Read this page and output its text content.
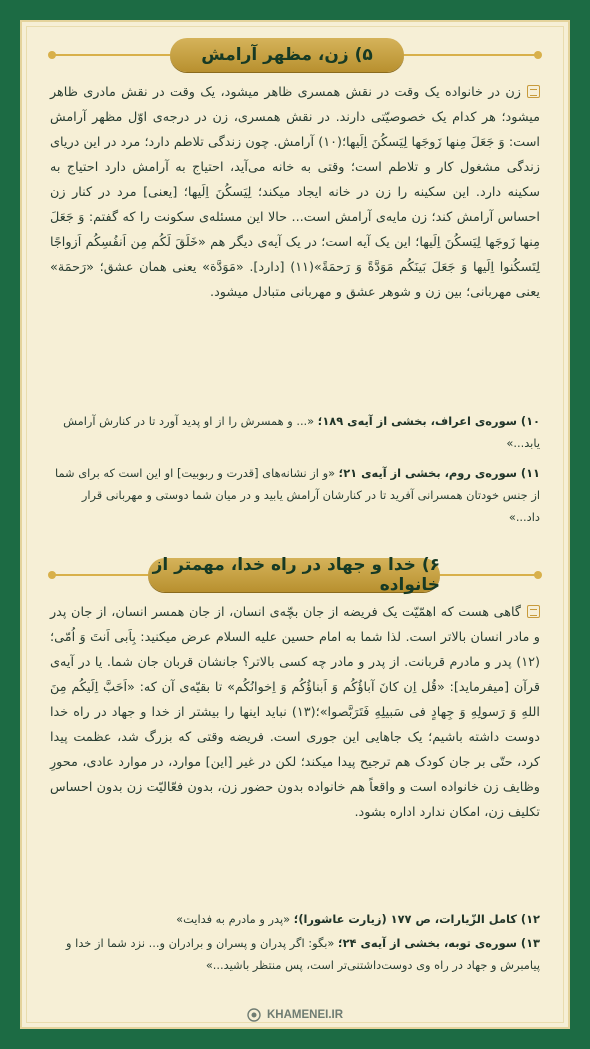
۵) زن، مظهر آرامش
زن در خانواده یک وقت در نقش همسری ظاهر میشود، یک وقت در نقش مادری ظاهر میشود؛ هر کدام یک خصوصیّتی دارند. در نقش همسری، زن در درجه‌ی اوّل مظهر آرامش است: وَ جَعَلَ مِنها زَوجَها لِیَسکُنَ اِلَیها؛(۱۰) آرامش. چون زندگی تلاطم دارد؛ مرد در این دریای زندگی مشغول کار و تلاطم است؛ وقتی به خانه می‌آید، احتیاج به آرامش دارد احتیاج به سکینه دارد. این سکینه را زن در خانه ایجاد میکند؛ لِیَسکُنَ اِلَیها؛ [یعنی] مرد در کنار زن احساس آرامش کند؛ زن مایه‌ی آرامش است... حالا این مسئله‌ی سکونت را که گفتم: وَ جَعَلَ مِنها زَوجَها لِیَسکُنَ اِلَیها؛ این یک آیه است؛ در یک آیه‌ی دیگر هم «خَلَقَ لَکُم مِن اَنفُسِکُم اَزواجًا لِتَسکُنوا اِلَیها وَ جَعَلَ بَینَکُم مَوَدَّةً وَ رَحمَةً»(۱۱) [دارد]. «مَوَدَّة» یعنی همان عشق؛ «رَحمَة» یعنی مهربانی؛ بین زن و شوهر عشق و مهربانی متبادل میشود.
۱۰) سوره‌ی اعراف، بخشی از آیه‌ی ۱۸۹؛ «... و همسرش را از او پدید آورد تا در کنارش آرامش یابد...»
۱۱) سوره‌ی روم، بخشی از آیه‌ی ۲۱؛ «و از نشانه‌های [قدرت و ربوبیت] او این است که برای شما از جنس خودتان همسرانی آفرید تا در کنارشان آرامش یابید و در میان شما دوستی و مهربانی قرار داد...»
۶) خدا و جهاد در راه خدا، مهمتر از خانواده
گاهی هست که اهمّیّت یک فریضه از جان بچّه‌ی انسان، از جان همسر انسان، از جان پدر و مادر انسان بالاتر است. لذا شما به امام حسین علیه السلام عرض میکنید: بِاَبی اَنتَ وَ اُمّی؛(۱۲) پدر و مادرم قربانت. از پدر و مادر چه کسی بالاتر؟ جانشان قربان جان شما. یا در آیه‌ی قرآن [میفرماید]: «قُل اِن کانَ آباؤُکُم وَ اَبناؤُکُم وَ اِخوانُکُم» تا بقیّه‌ی آن که: «اَحَبَّ اِلَیکُم مِنَ اللهِ وَ رَسولِهِ وَ جِهادٍ فی سَبیلِهِ فَتَرَبَّصوا»؛(۱۳) نباید اینها را بیشتر از خدا و جهاد در راه خدا دوست داشته باشیم؛ یک جاهایی این جوری است. فریضه وقتی که بزرگ شد، عظمت پیدا کرد، حتّی بر جان کودک هم ترجیح پیدا میکند؛ لکن در غیر [این] موارد، در موارد عادی، محورِ وظایف زن خانواده است و واقعاً هم خانواده بدون حضور زن، بدون فعّالیّت زن بدون احساس تکلیف زن، امکان ندارد اداره بشود.
۱۲) کامل الزّیارات، ص ۱۷۷ (زیارت عاشورا)؛ «پدر و مادرم به فدایت»
۱۳) سوره‌ی توبه، بخشی از آیه‌ی ۲۴؛ «بگو: اگر پدران و پسران و برادران و... نزد شما از خدا و پیامبرش و جهاد در راه وی دوست‌داشتنی‌تر است، پس منتظر باشید...»
KHAMENEI.IR
